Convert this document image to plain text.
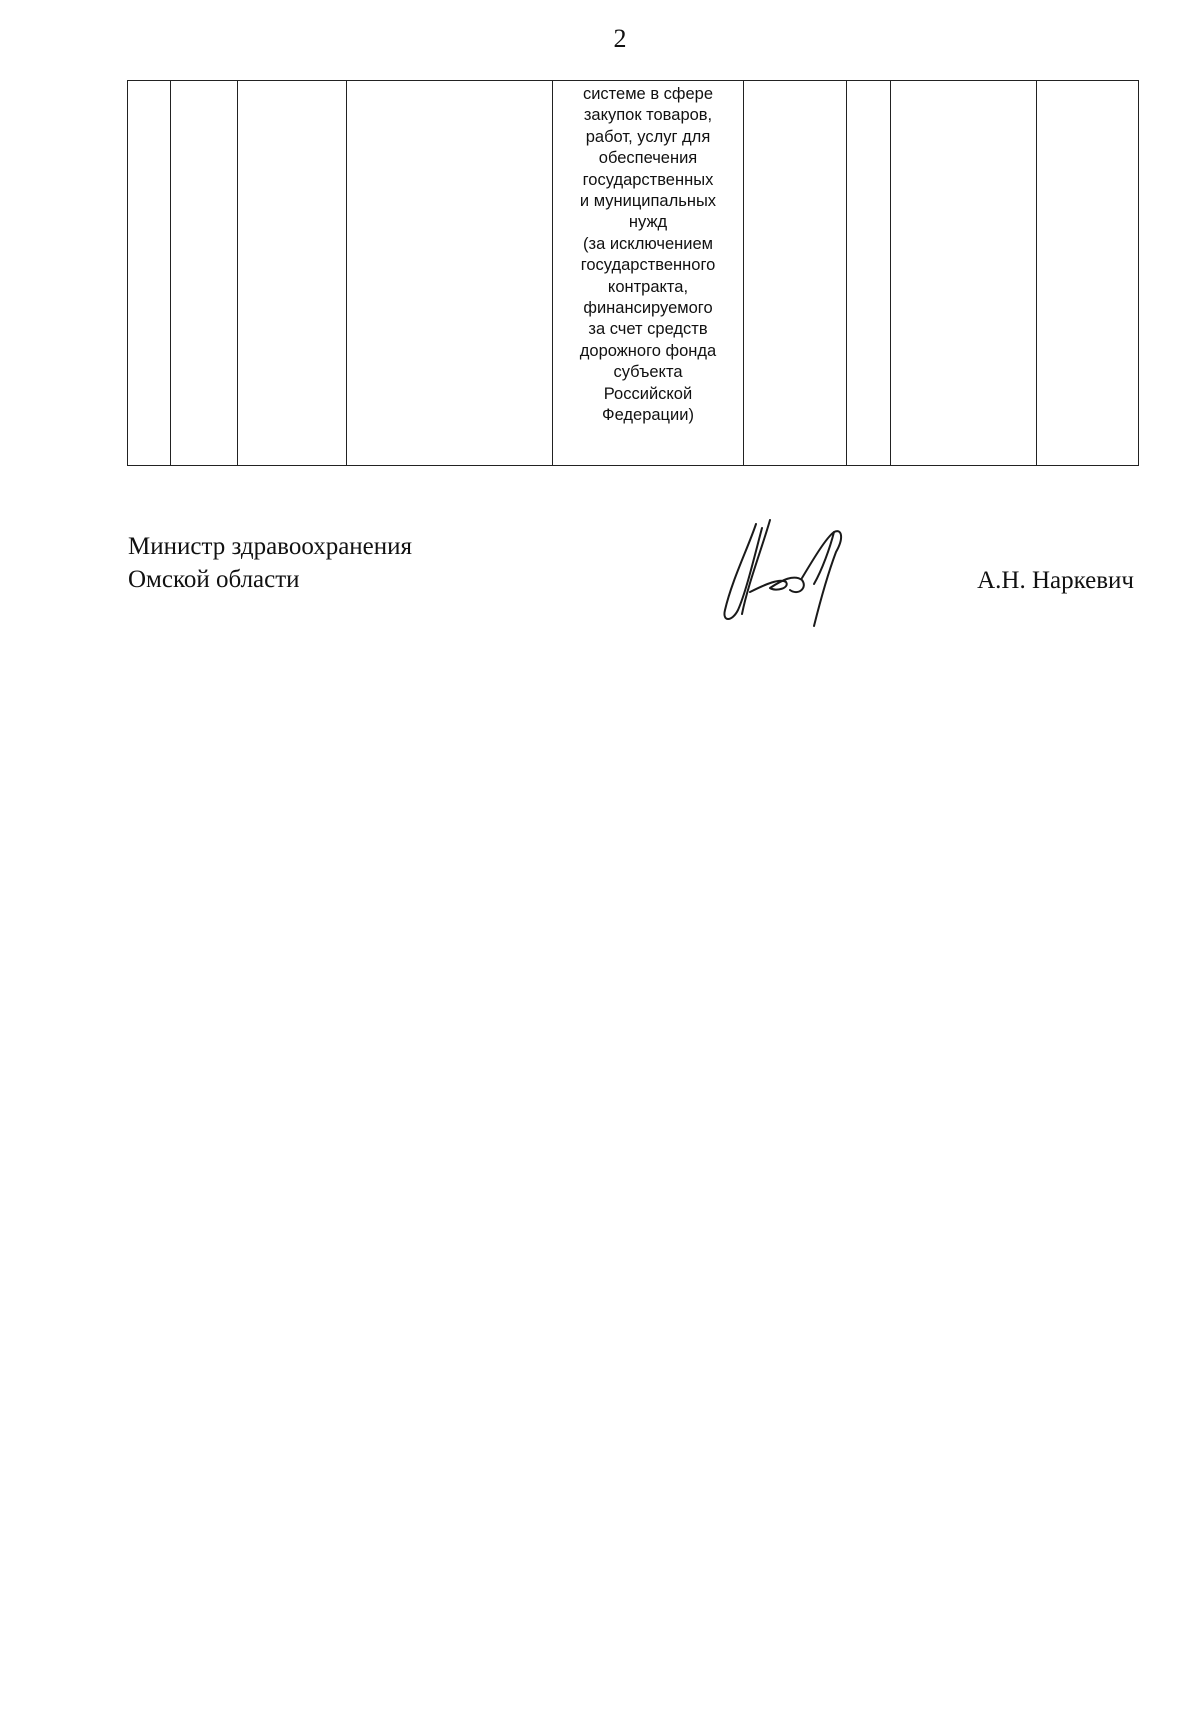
2

системе в сфере
закупок товаров,
работ, услуг для
обеспечения
государственных
и муниципальных
нужд
(за исключением
государственного
контракта,
финансируемого
за счет средств
дорожного фонда
субъекта
Российской
Федерации)

Министр здравоохранения
Омской области	А.Н. Наркевич
